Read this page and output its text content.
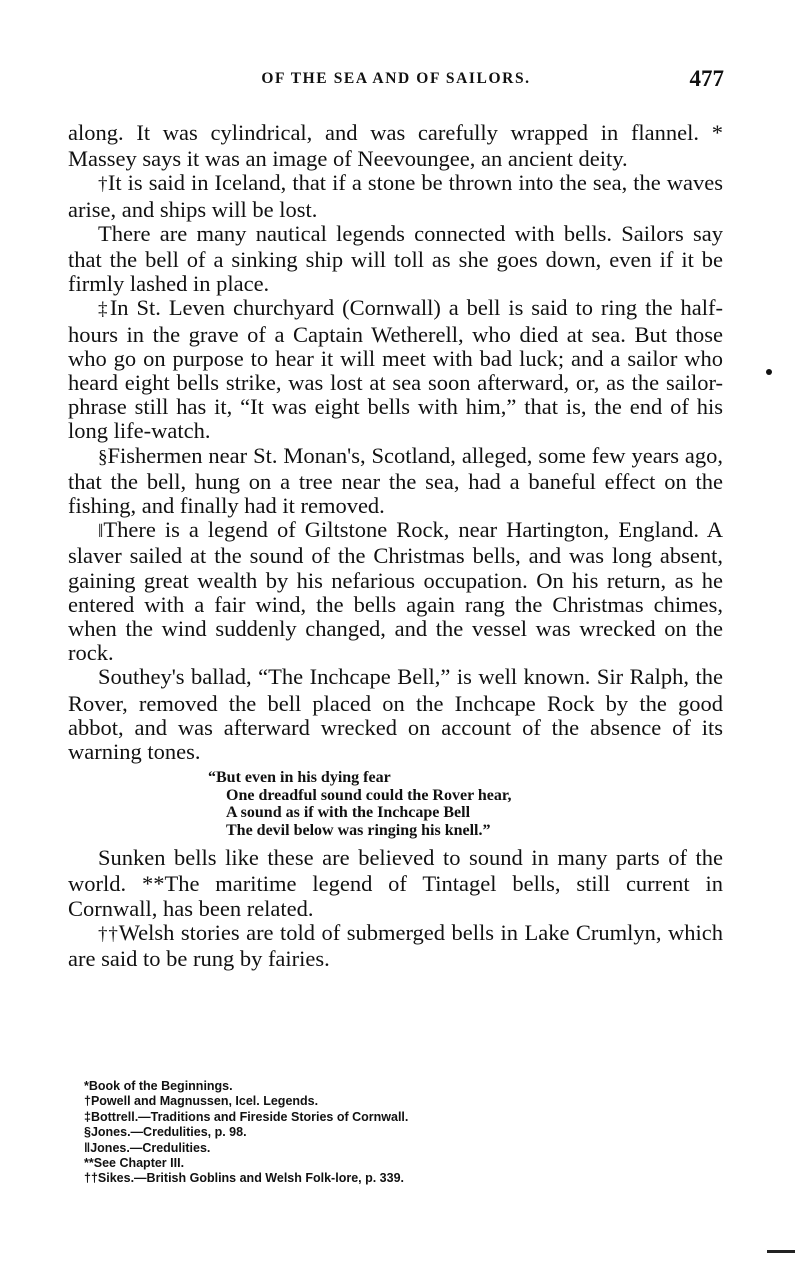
OF THE SEA AND OF SAILORS.	477

along. It was cylindrical, and was carefully wrapped in flannel. * Massey says it was an image of Neevoungee, an ancient deity.

†It is said in Iceland, that if a stone be thrown into the sea, the waves arise, and ships will be lost.

There are many nautical legends connected with bells. Sailors say that the bell of a sinking ship will toll as she goes down, even if it be firmly lashed in place.

‡In St. Leven churchyard (Cornwall) a bell is said to ring the half-hours in the grave of a Captain Wetherell, who died at sea. But those who go on purpose to hear it will meet with bad luck; and a sailor who heard eight bells strike, was lost at sea soon afterward, or, as the sailor-phrase still has it, “It was eight bells with him,” that is, the end of his long life-watch.

§Fishermen near St. Monan's, Scotland, alleged, some few years ago, that the bell, hung on a tree near the sea, had a baneful effect on the fishing, and finally had it removed.

‖There is a legend of Giltstone Rock, near Hartington, England. A slaver sailed at the sound of the Christmas bells, and was long absent, gaining great wealth by his nefarious occupation. On his return, as he entered with a fair wind, the bells again rang the Christmas chimes, when the wind suddenly changed, and the vessel was wrecked on the rock.

Southey's ballad, “The Inchcape Bell,” is well known. Sir Ralph, the Rover, removed the bell placed on the Inchcape Rock by the good abbot, and was afterward wrecked on account of the absence of its warning tones.

“But even in his dying fear
One dreadful sound could the Rover hear,
A sound as if with the Inchcape Bell
The devil below was ringing his knell.”

Sunken bells like these are believed to sound in many parts of the world. **The maritime legend of Tintagel bells, still current in Cornwall, has been related.

††Welsh stories are told of submerged bells in Lake Crumlyn, which are said to be rung by fairies.

*Book of the Beginnings.
†Powell and Magnussen, Icel. Legends.
‡Bottrell.—Traditions and Fireside Stories of Cornwall.
§Jones.—Credulities, p. 98.
‖Jones.—Credulities.
**See Chapter III.
††Sikes.—British Goblins and Welsh Folk-lore, p. 339.
